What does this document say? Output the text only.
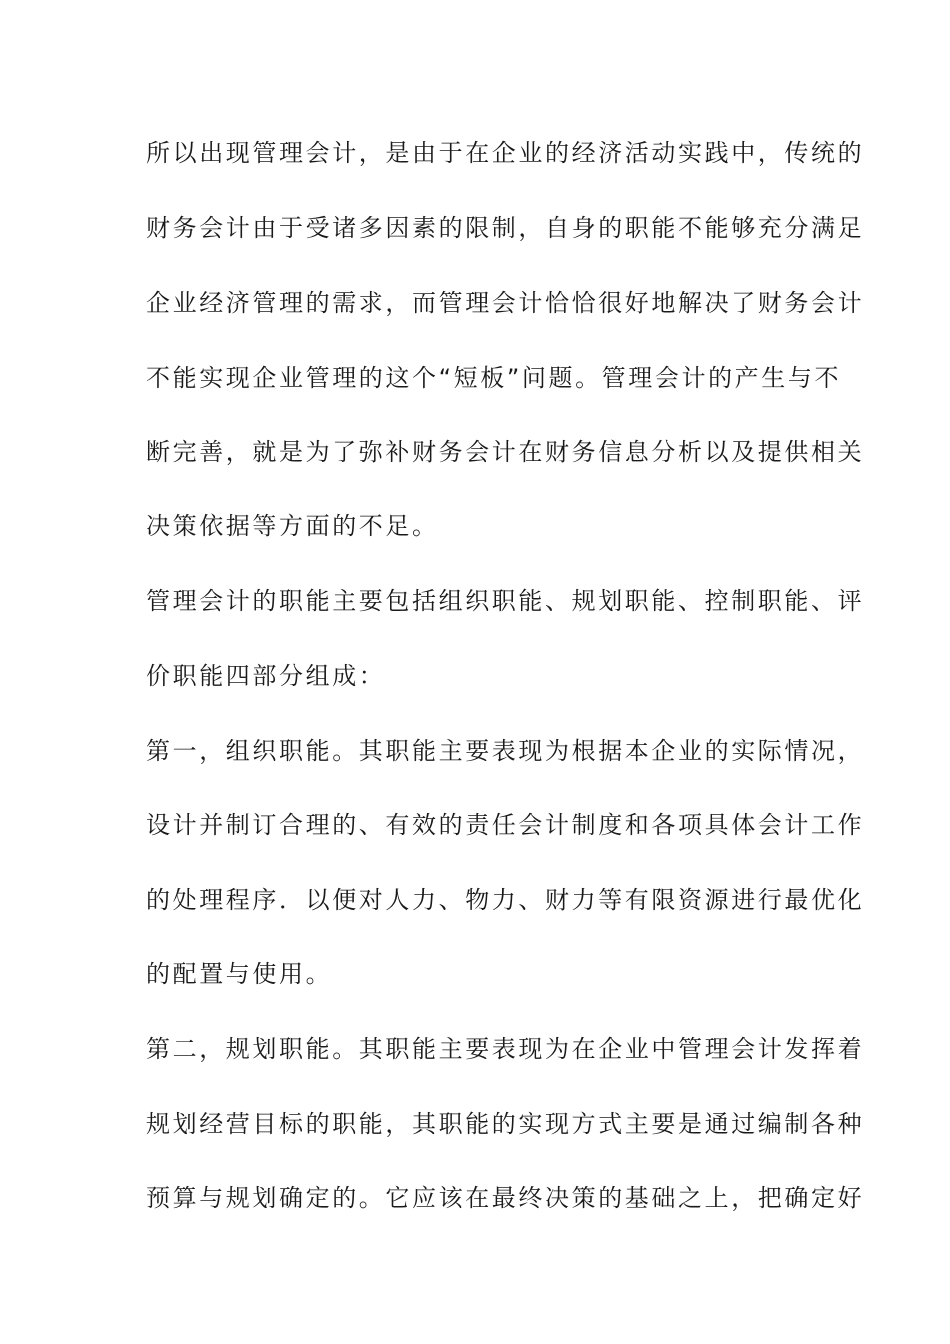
所以出现管理会计，是由于在企业的经济活动实践中，传统的

财务会计由于受诸多因素的限制，自身的职能不能够充分满足

企业经济管理的需求，而管理会计恰恰很好地解决了财务会计

不能实现企业管理的这个“短板”问题。管理会计的产生与不

断完善，就是为了弥补财务会计在财务信息分析以及提供相关

决策依据等方面的不足。

管理会计的职能主要包括组织职能、规划职能、控制职能、评

价职能四部分组成：

第一，组织职能。其职能主要表现为根据本企业的实际情况，

设计并制订合理的、有效的责任会计制度和各项具体会计工作

的处理程序．以便对人力、物力、财力等有限资源进行最优化

的配置与使用。

第二，规划职能。其职能主要表现为在企业中管理会计发挥着

规划经营目标的职能，其职能的实现方式主要是通过编制各种

预算与规划确定的。它应该在最终决策的基础之上，把确定好
